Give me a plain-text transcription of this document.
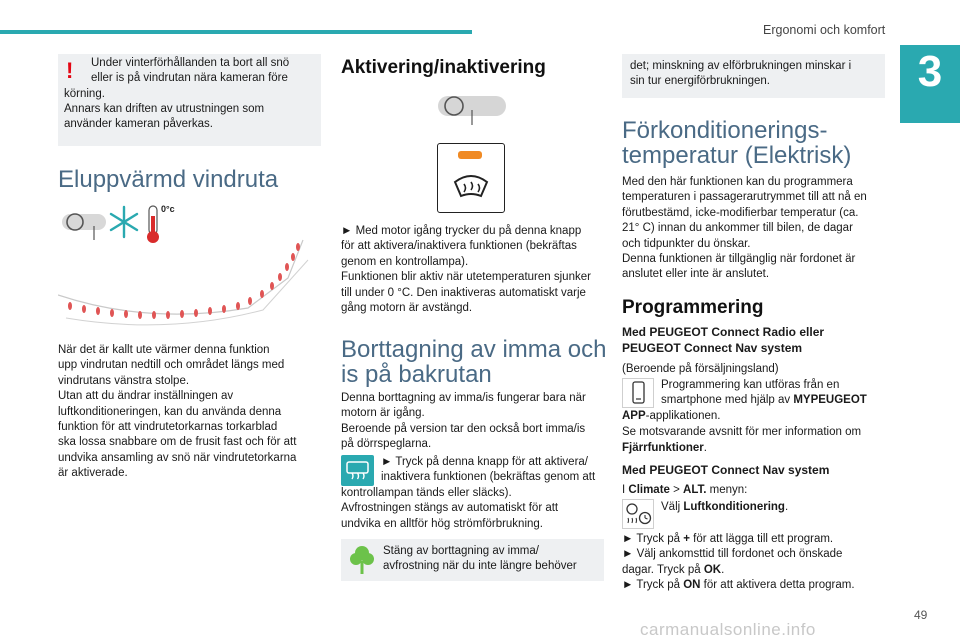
Ergonomi och komfort
3
! Under vinterförhållanden ta bort all snö

eller is på vindrutan nära kameran före

körning.

Annars kan driften av utrustningen som

använder kameran påverkas.

Eluppvärmd vindruta
0°c

När det är kallt ute värmer denna funktion

upp vindrutan nedtill och området längs med

vindrutans vänstra stolpe.

Utan att du ändrar inställningen av

luftkonditioneringen, kan du använda denna

funktion för att vindrutetorkarnas torkarblad

ska lossa snabbare om de frusit fast och för att

undvika ansamling av snö när vindrutetorkarna

är aktiverade.

Aktivering/inaktivering

► Med motor igång trycker du på denna knapp

för att aktivera/inaktivera funktionen (bekräftas

genom en kontrollampa).

Funktionen blir aktiv när utetemperaturen sjunker

till under 0 °C. Den inaktiveras automatiskt varje

gång motorn är avstängd.

Borttagning av imma och
is på bakrutan

Denna borttagning av imma/is fungerar bara när

motorn är igång.

Beroende på version tar den också bort imma/is

på dörrspeglarna.

► Tryck på denna knapp för att aktivera/

inaktivera funktionen (bekräftas genom att

kontrollampan tänds eller släcks).

Avfrostningen stängs av automatiskt för att

undvika en alltför hög strömförbrukning.

Stäng av borttagning av imma/

avfrostning när du inte längre behöver

det; minskning av elförbrukningen minskar i

sin tur energiförbrukningen.

Förkonditionerings-
temperatur (Elektrisk)

Med den här funktionen kan du programmera

temperaturen i passagerarutrymmet till att nå en

förutbestämd, icke-modifierbar temperatur (ca.

21° C) innan du ankommer till bilen, de dagar

och tidpunkter du önskar.

Denna funktionen är tillgänglig när fordonet är

anslutet eller inte är anslutet.

Programmering

Med PEUGEOT Connect Radio eller

PEUGEOT Connect Nav system

(Beroende på försäljningsland)

Programmering kan utföras från en

smartphone med hjälp av MYPEUGEOT

APP-applikationen.

Se motsvarande avsnitt för mer information om

Fjärrfunktioner.

Med PEUGEOT Connect Nav system

I Climate > ALT. menyn:

Välj Luftkonditionering.

► Tryck på + för att lägga till ett program.

► Välj ankomsttid till fordonet och önskade

dagar. Tryck på OK.

► Tryck på ON för att aktivera detta program.

carmanualsonline.info
49
